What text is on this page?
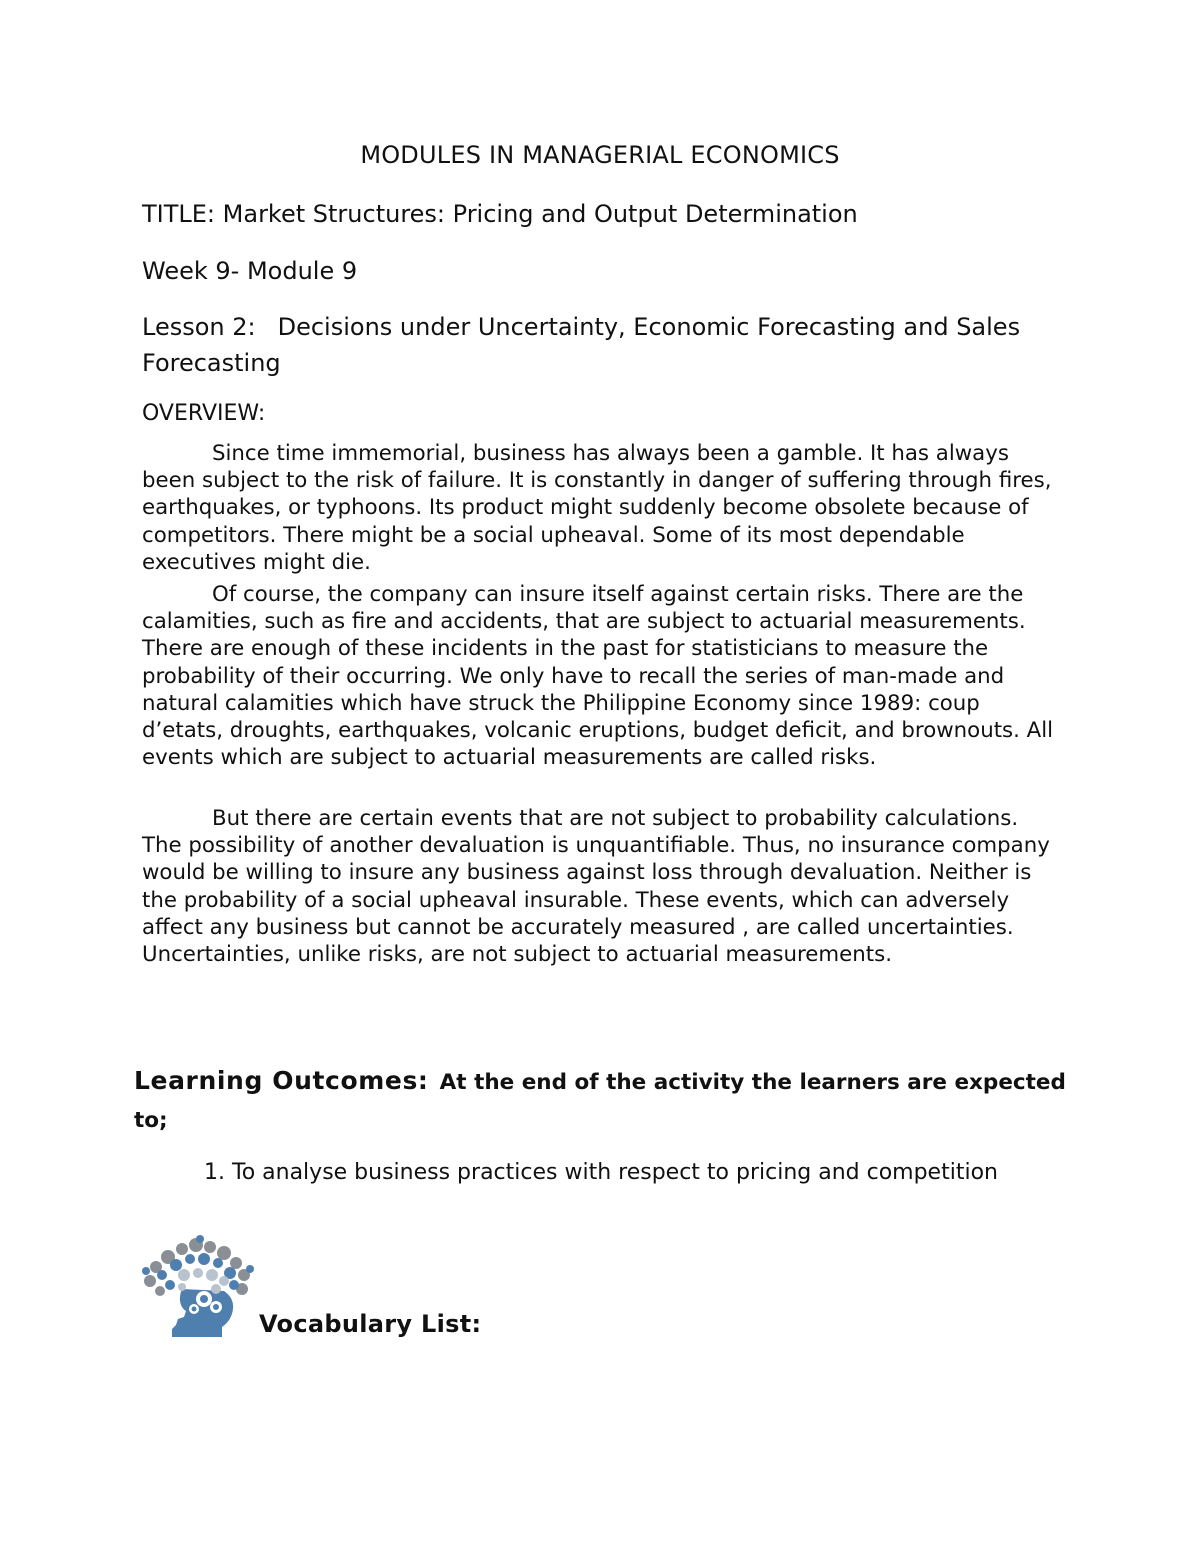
MODULES IN MANAGERIAL ECONOMICS
TITLE: Market Structures: Pricing and Output Determination
Week 9- Module 9
Lesson 2: Decisions under Uncertainty, Economic Forecasting and Sales Forecasting
OVERVIEW:

Since time immemorial, business has always been a gamble. It has always been subject to the risk of failure. It is constantly in danger of suffering through fires, earthquakes, or typhoons. Its product might suddenly become obsolete because of competitors. There might be a social upheaval. Some of its most dependable executives might die.

Of course, the company can insure itself against certain risks. There are the calamities, such as fire and accidents, that are subject to actuarial measurements. There are enough of these incidents in the past for statisticians to measure the probability of their occurring. We only have to recall the series of man-made and natural calamities which have struck the Philippine Economy since 1989: coup d’etats, droughts, earthquakes, volcanic eruptions, budget deficit, and brownouts. All events which are subject to actuarial measurements are called risks.

But there are certain events that are not subject to probability calculations. The possibility of another devaluation is unquantifiable. Thus, no insurance company would be willing to insure any business against loss through devaluation. Neither is the probability of a social upheaval insurable. These events, which can adversely affect any business but cannot be accurately measured , are called uncertainties. Uncertainties, unlike risks, are not subject to actuarial measurements.

Learning Outcomes: At the end of the activity the learners are expected to;
1. To analyse business practices with respect to pricing and competition
Vocabulary List:
